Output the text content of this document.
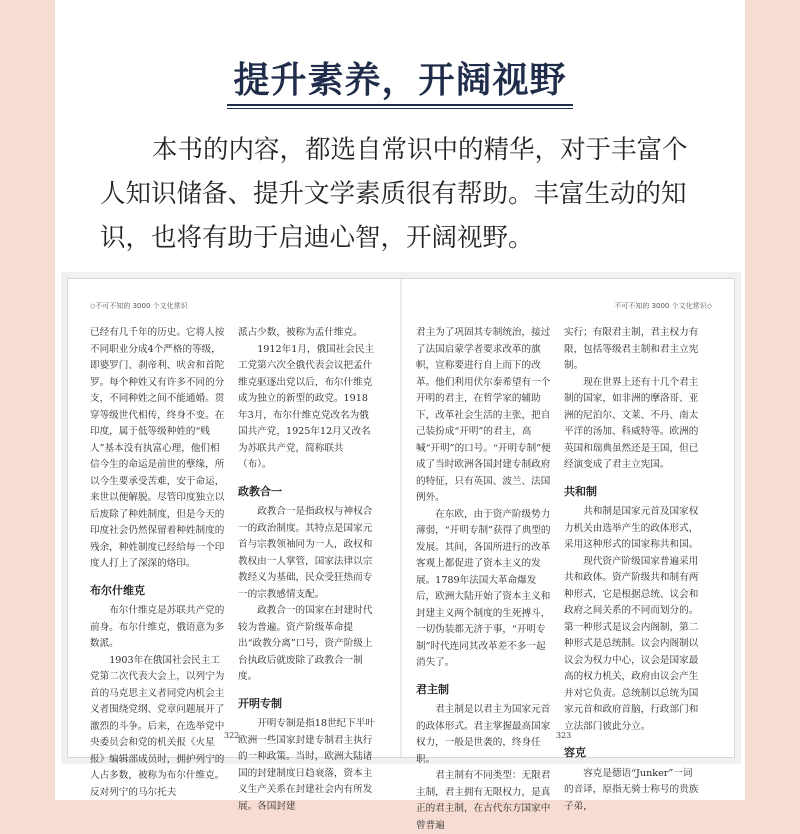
提升素养，开阔视野

本书的内容，都选自常识中的精华，对于丰富个人知识储备、提升文学素质很有帮助。丰富生动的知识，也将有助于启迪心智，开阔视野。

◇不可不知的 3000 个文化常识	不可不知的 3000 个文化常识◇

已经有几千年的历史。它将人按不同职业分成4个严格的等级，即婆罗门、刹帝利、吠舍和首陀罗。每个种姓又有许多不同的分支，不同种姓之间不能通婚。贯穿等级世代相传，终身不变。在印度，属于低等级种姓的“贱人”基本没有执富心理，他们相信今生的命运是前世的孽缘，所以今生要承受苦难，安于命运，来世以便解脱。尽管印度独立以后废除了种姓制度，但是今天的印度社会仍然保留着种姓制度的残余，种姓制度已经给每一个印度人打上了深深的烙印。

布尔什维克

布尔什维克是苏联共产党的前身。布尔什维克，俄语意为多数派。

1903年在俄国社会民主工党第二次代表大会上，以列宁为首的马克思主义者同党内机会主义者围绕党纲、党章问题展开了激烈的斗争。后来，在选举党中央委员会和党的机关报《火星报》编辑部成员时，拥护列宁的人占多数，被称为布尔什维克。反对列宁的马尔托夫

派占少数，被称为孟什维克。

1912年1月，俄国社会民主工党第六次全俄代表会议把孟什维克驱逐出党以后，布尔什维克成为独立的新型的政党。1918年3月，布尔什维克党改名为俄国共产党，1925年12月又改名为苏联共产党，简称联共（布）。

政教合一

政教合一是指政权与神权合一的政治制度。其特点是国家元首与宗教领袖同为一人，政权和教权由一人掌管，国家法律以宗教经义为基础，民众受狂热而专一的宗教感情支配。

政教合一的国家在封建时代较为普遍。资产阶级革命提出“政教分离”口号，资产阶级上台执政后就废除了政教合一制度。

开明专制

开明专制是指18世纪下半叶欧洲一些国家封建专制君主执行的一种政策。当时，欧洲大陆诸国的封建制度日趋衰落，资本主义生产关系在封建社会内有所发展。各国封建

君主为了巩固其专制统治，接过了法国启蒙学者要求改革的旗帜，宣称要进行自上而下的改革。他们利用伏尔泰希望有一个开明的君主，在哲学家的辅助下，改革社会生活的主张，把自己装扮成“开明”的君主，高喊“开明”的口号。“开明专制”便成了当时欧洲各国封建专制政府的特征，只有英国、波兰、法国例外。

在东欧，由于资产阶级势力薄弱，“开明专制”获得了典型的发展。其间，各国所进行的改革客观上都促进了资本主义的发展。1789年法国大革命爆发后，欧洲大陆开始了资本主义和封建主义两个制度的生死搏斗，一切伪装都无济于事，“开明专制”时代连同其改革差不多一起消失了。

君主制

君主制是以君主为国家元首的政体形式。君主掌握最高国家权力，一般是世袭的，终身任职。

君主制有不同类型：无限君主制，君主拥有无限权力，是真正的君主制，在古代东方国家中曾普遍

实行；有限君主制，君主权力有限，包括等级君主制和君主立宪制。

现在世界上还有十几个君主制的国家，如非洲的摩洛哥、亚洲的尼泊尔、文莱、不丹、南太平洋的汤加、科威特等。欧洲的英国和瑞典虽然还是王国，但已经演变成了君主立宪国。

共和制

共和制是国家元首及国家权力机关由选举产生的政体形式，采用这种形式的国家称共和国。

现代资产阶级国家普遍采用共和政体。资产阶级共和制有两种形式，它是根据总统、议会和政府之间关系的不同而划分的。第一种形式是议会内阁制，第二种形式是总统制。议会内阁制以议会为权力中心，议会是国家最高的权力机关，政府由议会产生并对它负责。总统制以总统为国家元首和政府首脑，行政部门和立法部门彼此分立。

容克

容克是德语“Junker”一词的音译，原指无骑士称号的贵族子弟，

322	323
